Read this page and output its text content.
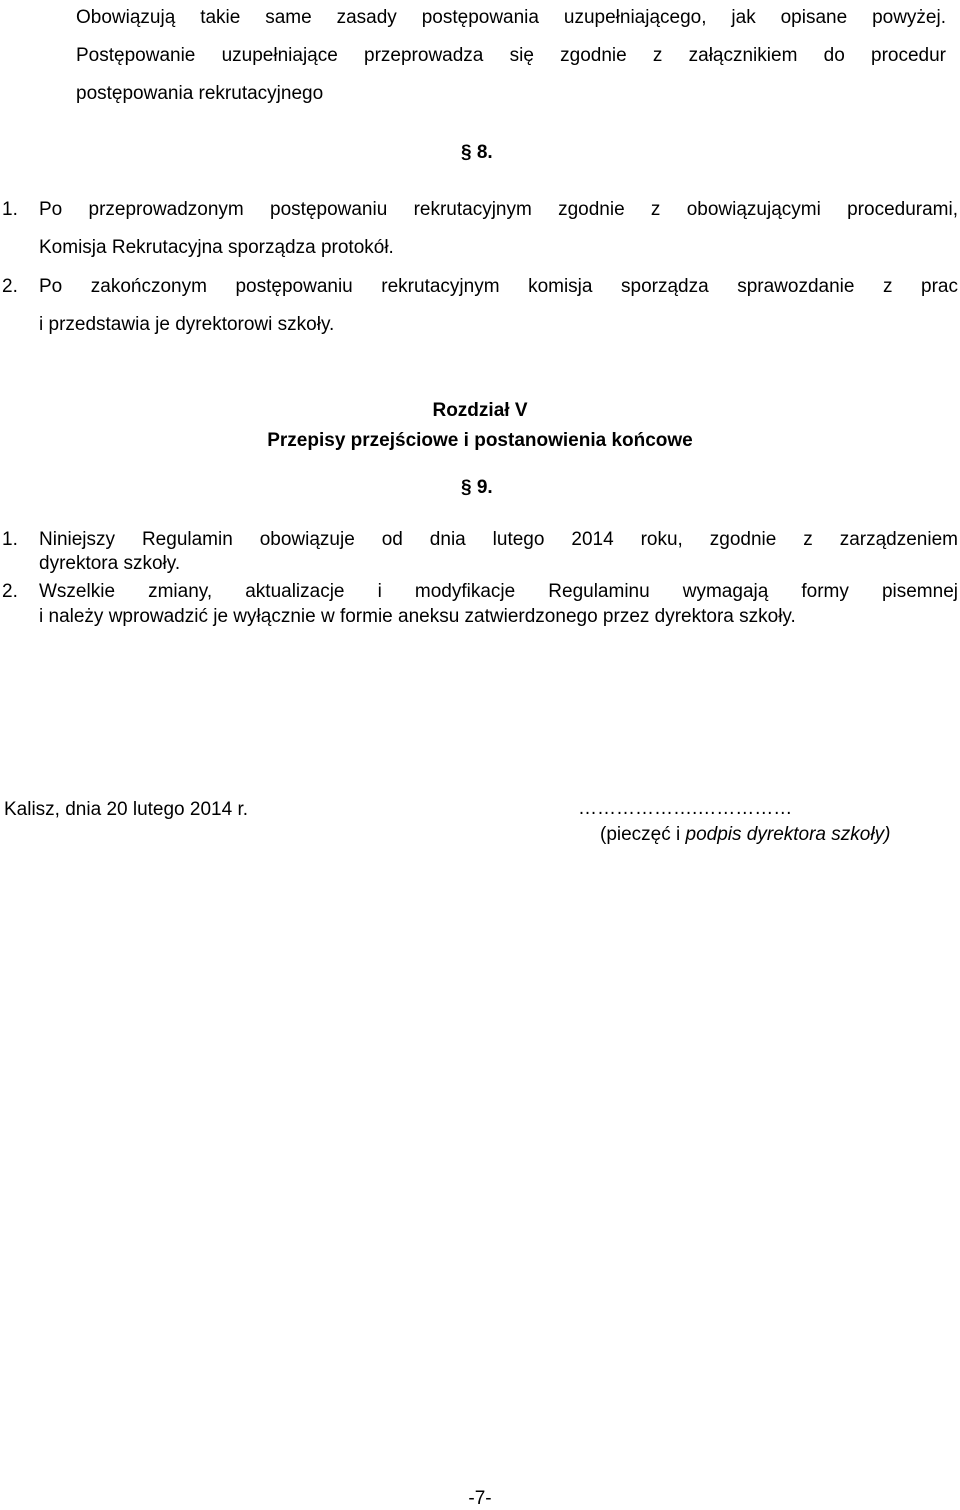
Obowiązują takie same zasady postępowania uzupełniającego, jak opisane powyżej.
Postępowanie uzupełniające przeprowadza się zgodnie z załącznikiem do procedur
postępowania rekrutacyjnego
§ 8.
1. Po przeprowadzonym postępowaniu rekrutacyjnym zgodnie z obowiązującymi procedurami,
Komisja Rekrutacyjna sporządza protokół.
2. Po zakończonym postępowaniu rekrutacyjnym komisja sporządza sprawozdanie z prac
i przedstawia je dyrektorowi szkoły.
Rozdział V
Przepisy przejściowe i postanowienia końcowe
§ 9.
1. Niniejszy Regulamin obowiązuje od dnia lutego 2014 roku, zgodnie z zarządzeniem
dyrektora szkoły.
2. Wszelkie zmiany, aktualizacje i modyfikacje Regulaminu wymagają formy pisemnej
i należy wprowadzić je wyłącznie w formie aneksu zatwierdzonego przez dyrektora szkoły.
Kalisz, dnia 20 lutego 2014 r.	……………….……………
(pieczęć i podpis dyrektora szkoły)
-7-
